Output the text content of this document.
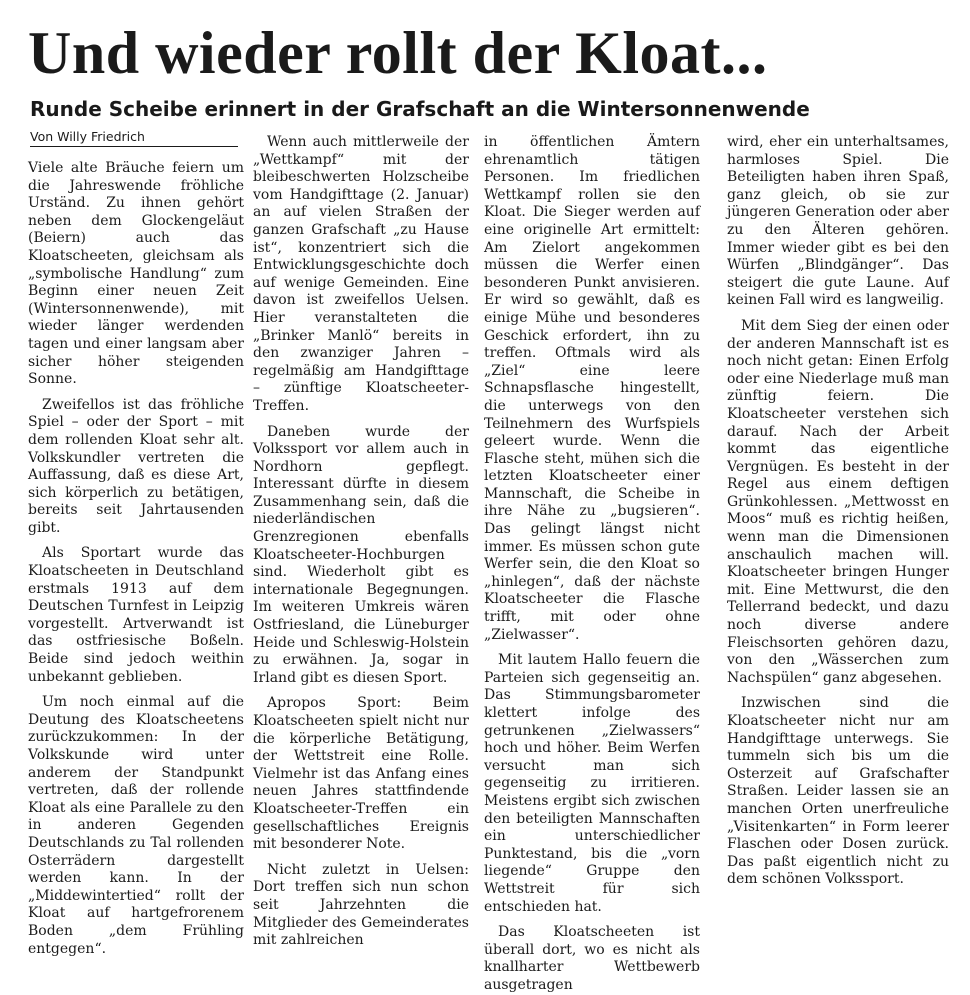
Und wieder rollt der Kloat...
Runde Scheibe erinnert in der Grafschaft an die Wintersonnenwende
Von Willy Friedrich

Viele alte Bräuche feiern um die Jahreswende fröhliche Urständ. Zu ihnen gehört neben dem Glockengeläut (Beiern) auch das Kloatscheeten, gleichsam als „symbolische Handlung“ zum Beginn einer neuen Zeit (Wintersonnenwende), mit wieder länger werdenden tagen und einer langsam aber sicher höher steigenden Sonne.

Zweifellos ist das fröhliche Spiel – oder der Sport – mit dem rollenden Kloat sehr alt. Volkskundler vertreten die Auffassung, daß es diese Art, sich körperlich zu betätigen, bereits seit Jahrtausenden gibt.

Als Sportart wurde das Kloatscheeten in Deutschland erstmals 1913 auf dem Deutschen Turnfest in Leipzig vorgestellt. Artverwandt ist das ostfriesische Boßeln. Beide sind jedoch weithin unbekannt geblieben.

Um noch einmal auf die Deutung des Kloatscheetens zurückzukommen: In der Volkskunde wird unter anderem der Standpunkt vertreten, daß der rollende Kloat als eine Parallele zu den in anderen Gegenden Deutschlands zu Tal rollenden Osterrädern dargestellt werden kann. In der „Middewintertied“ rollt der Kloat auf hartgefrorenem Boden „dem Frühling entgegen“.

Wenn auch mittlerweile der „Wettkampf“ mit der bleibeschwerten Holzscheibe vom Handgifttage (2. Januar) an auf vielen Straßen der ganzen Grafschaft „zu Hause ist“, konzentriert sich die Entwicklungsgeschichte doch auf wenige Gemeinden. Eine davon ist zweifellos Uelsen. Hier veranstalteten die „Brinker Manlö“ bereits in den zwanziger Jahren – regelmäßig am Handgifttage – zünftige Kloatscheeter-Treffen.

Daneben wurde der Volkssport vor allem auch in Nordhorn gepflegt. Interessant dürfte in diesem Zusammenhang sein, daß die niederländischen Grenzregionen ebenfalls Kloatscheeter-Hochburgen sind. Wiederholt gibt es internationale Begegnungen. Im weiteren Umkreis wären Ostfriesland, die Lüneburger Heide und Schleswig-Holstein zu erwähnen. Ja, sogar in Irland gibt es diesen Sport.

Apropos Sport: Beim Kloatscheeten spielt nicht nur die körperliche Betätigung, der Wettstreit eine Rolle. Vielmehr ist das Anfang eines neuen Jahres stattfindende Kloatscheeter-Treffen ein gesellschaftliches Ereignis mit besonderer Note.

Nicht zuletzt in Uelsen: Dort treffen sich nun schon seit Jahrzehnten die Mitglieder des Gemeinderates mit zahlreichen

in öffentlichen Ämtern ehrenamtlich tätigen Personen. Im friedlichen Wettkampf rollen sie den Kloat. Die Sieger werden auf eine originelle Art ermittelt: Am Zielort angekommen müssen die Werfer einen besonderen Punkt anvisieren. Er wird so gewählt, daß es einige Mühe und besonderes Geschick erfordert, ihn zu treffen. Oftmals wird als „Ziel“ eine leere Schnapsflasche hingestellt, die unterwegs von den Teilnehmern des Wurfspiels geleert wurde. Wenn die Flasche steht, mühen sich die letzten Kloatscheeter einer Mannschaft, die Scheibe in ihre Nähe zu „bugsieren“. Das gelingt längst nicht immer. Es müssen schon gute Werfer sein, die den Kloat so „hinlegen“, daß der nächste Kloatscheeter die Flasche trifft, mit oder ohne „Zielwasser“.

Mit lautem Hallo feuern die Parteien sich gegenseitig an. Das Stimmungsbarometer klettert infolge des getrunkenen „Zielwassers“ hoch und höher. Beim Werfen versucht man sich gegenseitig zu irritieren. Meistens ergibt sich zwischen den beteiligten Mannschaften ein unterschiedlicher Punktestand, bis die „vorn liegende“ Gruppe den Wettstreit für sich entschieden hat.

Das Kloatscheeten ist überall dort, wo es nicht als knallharter Wettbewerb ausgetragen

wird, eher ein unterhaltsames, harmloses Spiel. Die Beteiligten haben ihren Spaß, ganz gleich, ob sie zur jüngeren Generation oder aber zu den Älteren gehören. Immer wieder gibt es bei den Würfen „Blindgänger“. Das steigert die gute Laune. Auf keinen Fall wird es langweilig.

Mit dem Sieg der einen oder der anderen Mannschaft ist es noch nicht getan: Einen Erfolg oder eine Niederlage muß man zünftig feiern. Die Kloatscheeter verstehen sich darauf. Nach der Arbeit kommt das eigentliche Vergnügen. Es besteht in der Regel aus einem deftigen Grünkohlessen. „Mettwosst en Moos“ muß es richtig heißen, wenn man die Dimensionen anschaulich machen will. Kloatscheeter bringen Hunger mit. Eine Mettwurst, die den Tellerrand bedeckt, und dazu noch diverse andere Fleischsorten gehören dazu, von den „Wässerchen zum Nachspülen“ ganz abgesehen.

Inzwischen sind die Kloatscheeter nicht nur am Handgifttage unterwegs. Sie tummeln sich bis um die Osterzeit auf Grafschafter Straßen. Leider lassen sie an manchen Orten unerfreuliche „Visitenkarten“ in Form leerer Flaschen oder Dosen zurück. Das paßt eigentlich nicht zu dem schönen Volkssport.
